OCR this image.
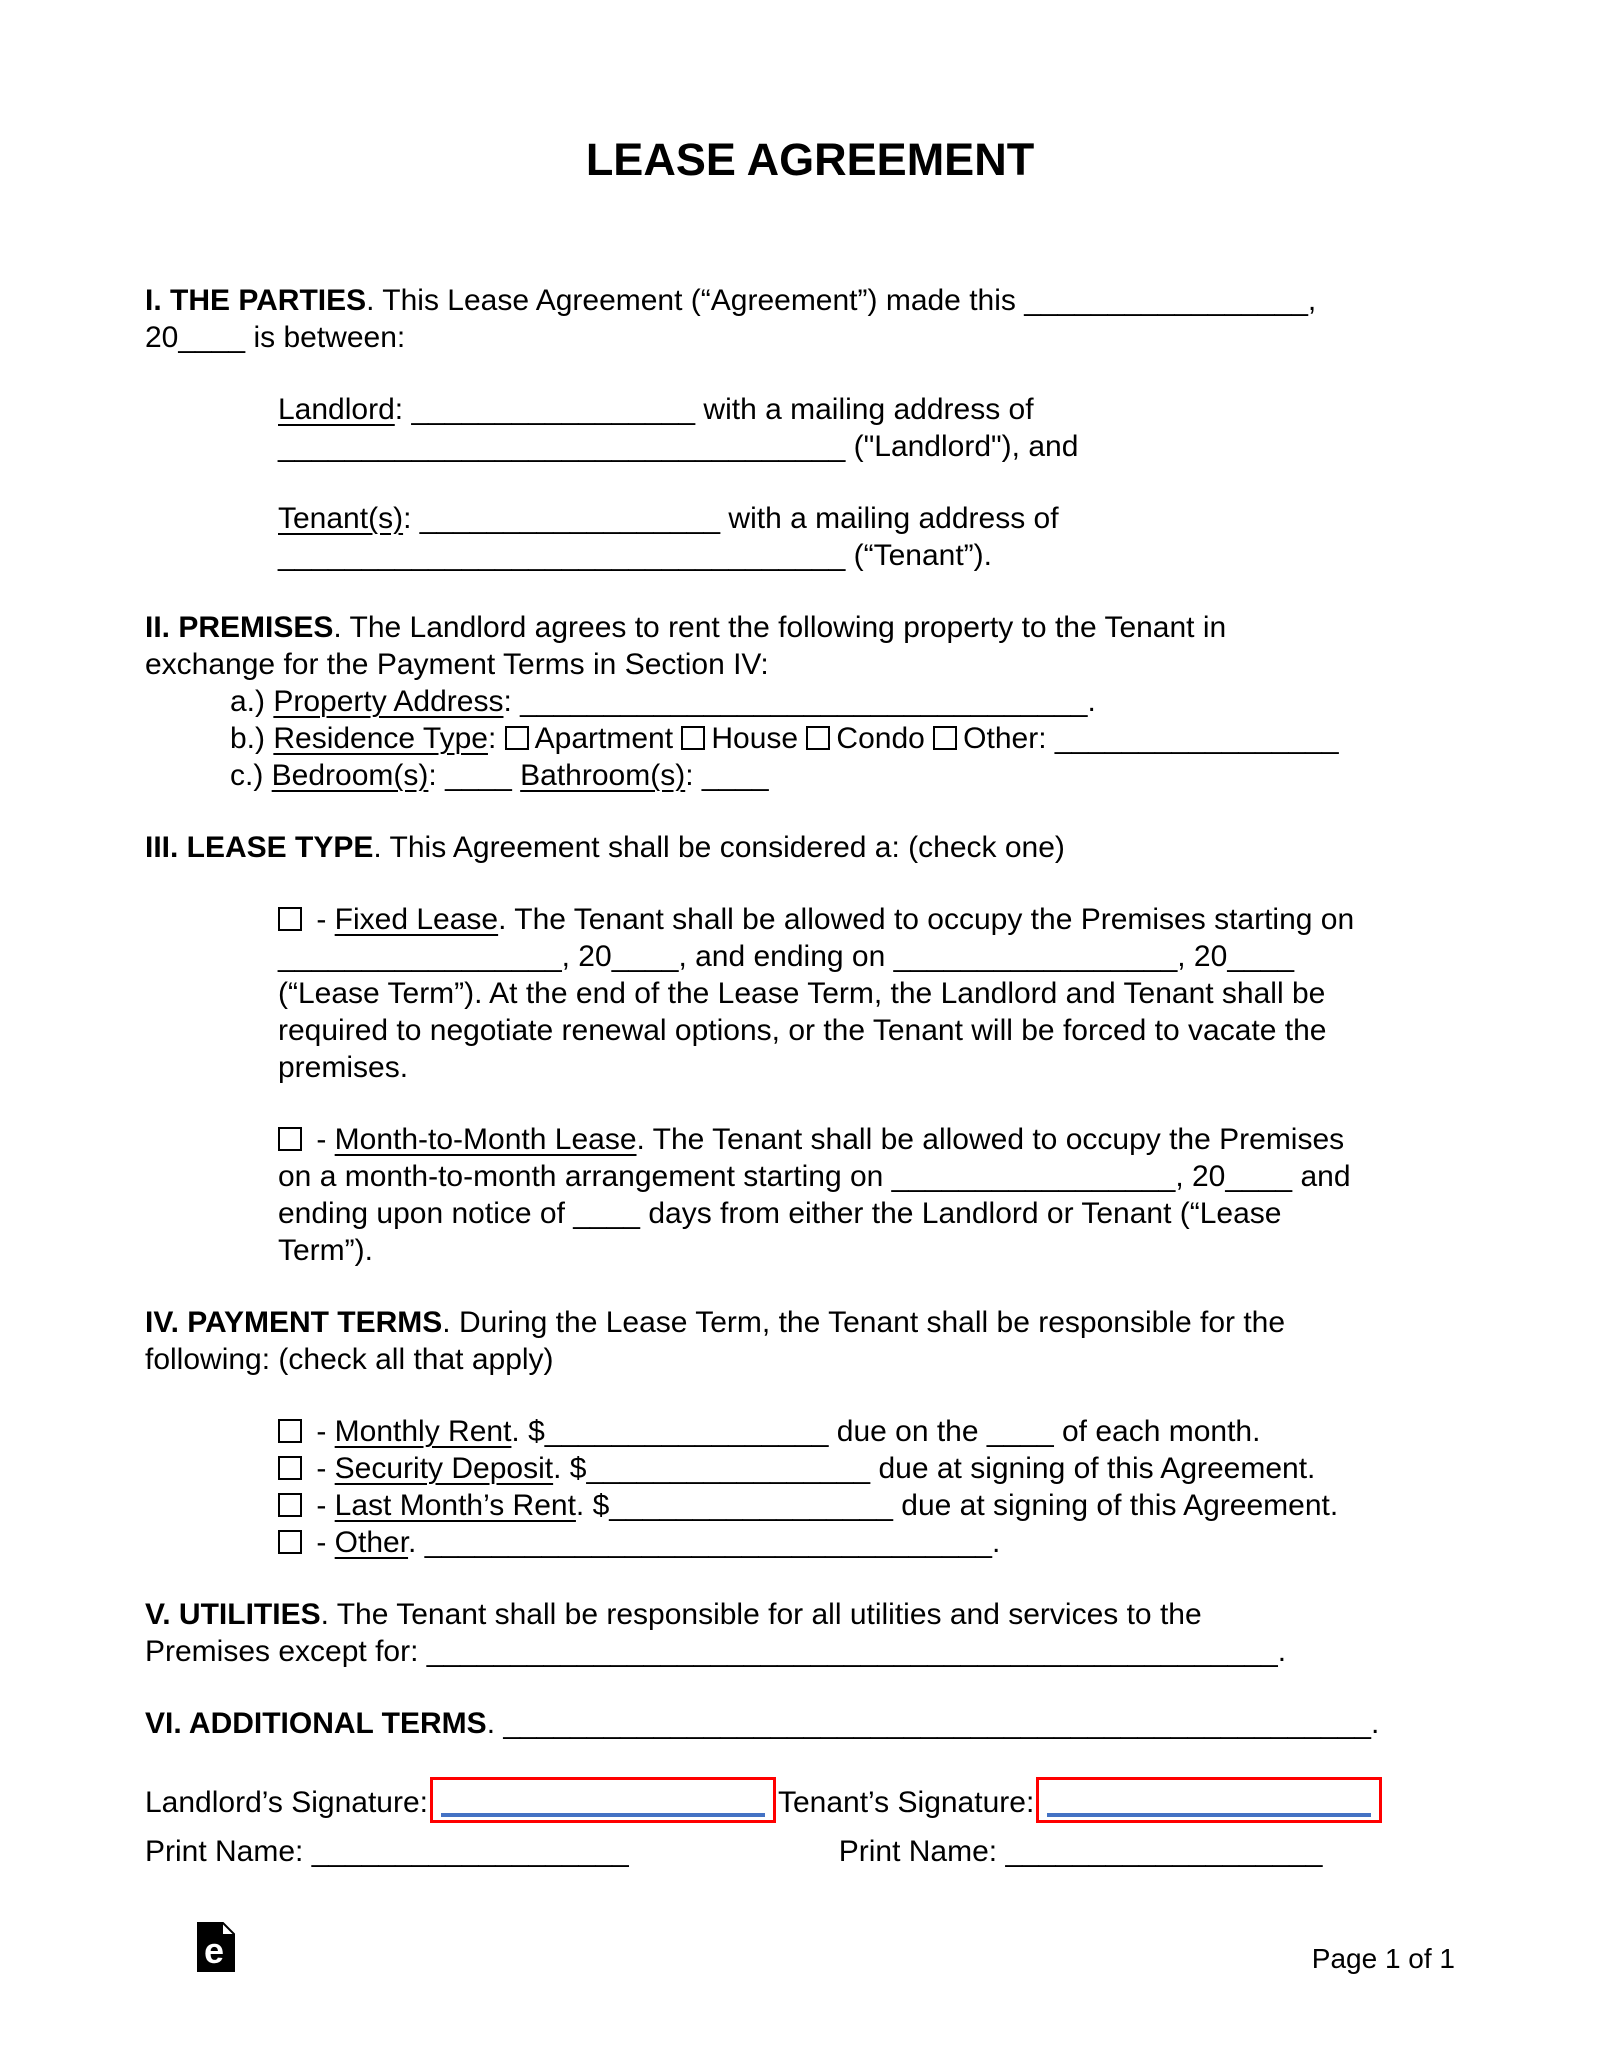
LEASE AGREEMENT
I. THE PARTIES. This Lease Agreement (“Agreement”) made this _________________,
20____ is between:
Landlord: _________________ with a mailing address of
__________________________________ ("Landlord"), and
Tenant(s): __________________ with a mailing address of
__________________________________ (“Tenant”).
II. PREMISES. The Landlord agrees to rent the following property to the Tenant in
exchange for the Payment Terms in Section IV:
a.) Property Address: __________________________________.
b.) Residence Type: Apartment House Condo Other: _________________
c.) Bedroom(s): ____ Bathroom(s): ____
III. LEASE TYPE. This Agreement shall be considered a: (check one)
- Fixed Lease. The Tenant shall be allowed to occupy the Premises starting on
_________________, 20____, and ending on _________________, 20____
(“Lease Term”). At the end of the Lease Term, the Landlord and Tenant shall be
required to negotiate renewal options, or the Tenant will be forced to vacate the
premises.
- Month-to-Month Lease. The Tenant shall be allowed to occupy the Premises
on a month-to-month arrangement starting on _________________, 20____ and
ending upon notice of ____ days from either the Landlord or Tenant (“Lease
Term”).
IV. PAYMENT TERMS. During the Lease Term, the Tenant shall be responsible for the
following: (check all that apply)
- Monthly Rent. $_________________ due on the ____ of each month.
- Security Deposit. $_________________ due at signing of this Agreement.
- Last Month’s Rent. $_________________ due at signing of this Agreement.
- Other. __________________________________.
V. UTILITIES. The Tenant shall be responsible for all utilities and services to the
Premises except for: ___________________________________________________.
VI. ADDITIONAL TERMS. ____________________________________________________.
Landlord’s Signature:	Tenant’s Signature:
Print Name: ___________________	Print Name: ___________________
e	Page 1 of 1
